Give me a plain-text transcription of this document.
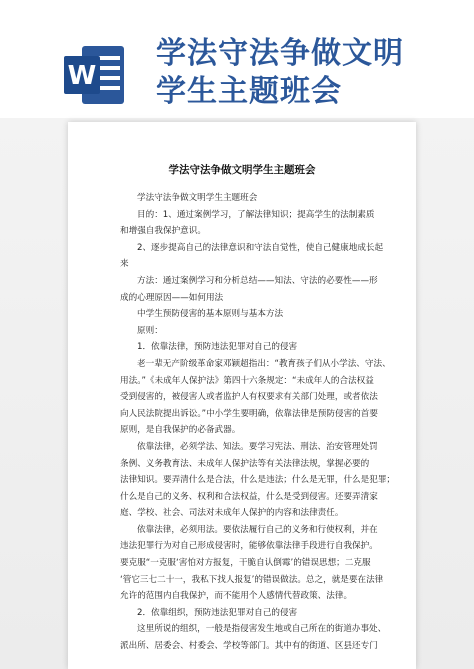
W
学法守法争做文明
学生主题班会
学法守法争做文明学生主题班会

学法守法争做文明学生主题班会

目的：1、通过案例学习，了解法律知识；提高学生的法制素质

和增强自我保护意识。

2、逐步提高自己的法律意识和守法自觉性，使自己健康地成长起

来

方法：通过案例学习和分析总结——知法、守法的必要性——形

成的心理原因——如何用法

中学生预防侵害的基本原则与基本方法

原则：

1．依靠法律，预防违法犯罪对自己的侵害

老一辈无产阶级革命家邓颖超指出：“教育孩子们从小学法、守法、

用法。”《未成年人保护法》第四十六条规定：“未成年人的合法权益

受到侵害的，被侵害人或者监护人有权要求有关部门处理，或者依法

向人民法院提出诉讼。”中小学生要明确，依靠法律是预防侵害的首要

原则，是自我保护的必备武器。

依靠法律，必须学法、知法。要学习宪法、刑法、治安管理处罚

条例、义务教育法、未成年人保护法等有关法律法规，掌握必要的

法律知识。要弄清什么是合法，什么是违法；什么是无罪，什么是犯罪；

什么是自己的义务、权利和合法权益，什么是受到侵害。还要弄清家

庭、学校、社会、司法对未成年人保护的内容和法律责任。

依靠法律，必须用法。要依法履行自己的义务和行使权利，并在

违法犯罪行为对自己形成侵害时，能够依靠法律手段进行自我保护。

要克服“一克服‘害怕对方报复，干脆自认倒霉’的错误思想；二克服

‘管它三七二十一，我私下找人报复’的错误做法。总之，就是要在法律

允许的范围内自我保护，而不能用个人感情代替政策、法律。

2．依靠组织，预防违法犯罪对自己的侵害

这里所说的组织，一般是指侵害发生地或自己所在的街道办事处、

派出所、居委会、村委会、学校等部门。其中有的街道、区县还专门
